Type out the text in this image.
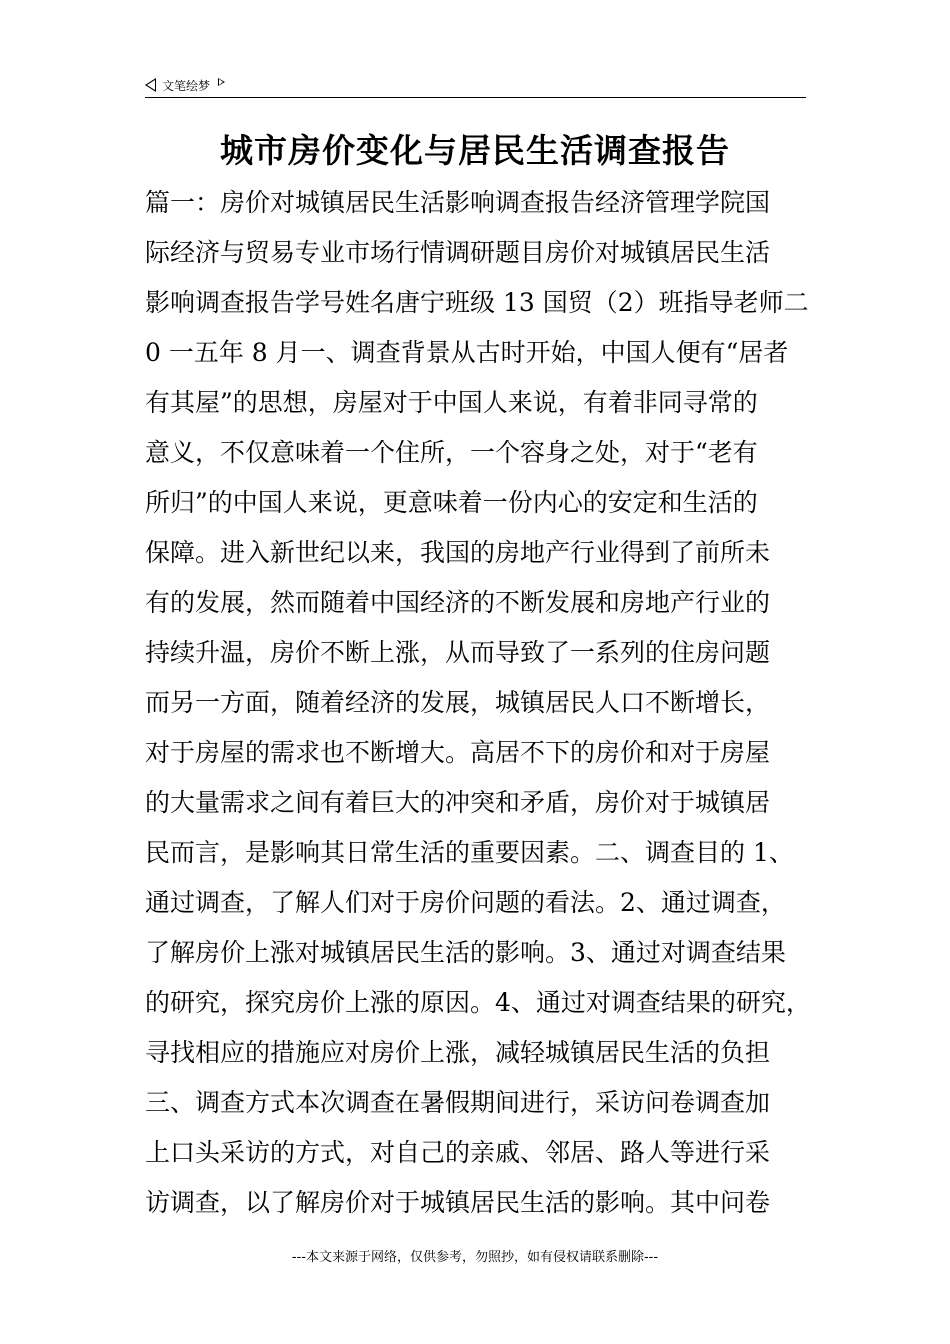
文笔绘梦
城市房价变化与居民生活调查报告
篇一：房价对城镇居民生活影响调查报告经济管理学院国
际经济与贸易专业市场行情调研题目房价对城镇居民生活
影响调查报告学号姓名唐宁班级 13 国贸（2）班指导老师二
0 一五年 8 月一、调查背景从古时开始，中国人便有“居者
有其屋”的思想，房屋对于中国人来说，有着非同寻常的
意义，不仅意味着一个住所，一个容身之处，对于“老有
所归”的中国人来说，更意味着一份内心的安定和生活的
保障。进入新世纪以来，我国的房地产行业得到了前所未
有的发展，然而随着中国经济的不断发展和房地产行业的
持续升温，房价不断上涨，从而导致了一系列的住房问题
而另一方面，随着经济的发展，城镇居民人口不断增长，
对于房屋的需求也不断增大。高居不下的房价和对于房屋
的大量需求之间有着巨大的冲突和矛盾，房价对于城镇居
民而言，是影响其日常生活的重要因素。二、调查目的 1、
通过调查，了解人们对于房价问题的看法。2、通过调查，
了解房价上涨对城镇居民生活的影响。3、通过对调查结果
的研究，探究房价上涨的原因。4、通过对调查结果的研究，
寻找相应的措施应对房价上涨，减轻城镇居民生活的负担
三、调查方式本次调查在暑假期间进行，采访问卷调查加
上口头采访的方式，对自己的亲戚、邻居、路人等进行采
访调查，以了解房价对于城镇居民生活的影响。其中问卷
---本文来源于网络，仅供参考，勿照抄，如有侵权请联系删除---
